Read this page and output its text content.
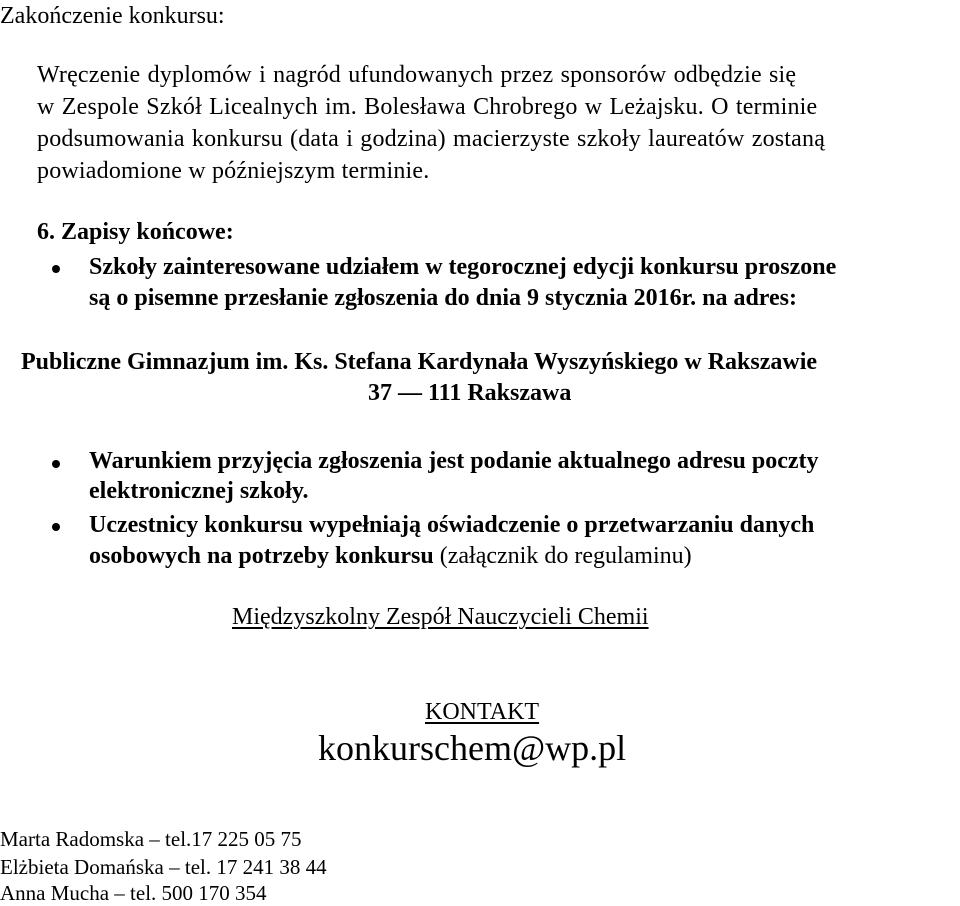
Zakończenie konkursu:
Wręczenie dyplomów i nagród ufundowanych przez sponsorów odbędzie się
w Zespole Szkół Licealnych im. Bolesława Chrobrego w Leżajsku. O terminie
podsumowania konkursu (data i godzina) macierzyste szkoły laureatów zostaną
powiadomione w późniejszym terminie.
6. Zapisy końcowe:
Szkoły zainteresowane udziałem w tegorocznej edycji konkursu proszone
są o pisemne przesłanie zgłoszenia do dnia 9 stycznia 2016r. na adres:
Publiczne Gimnazjum im. Ks. Stefana Kardynała Wyszyńskiego w Rakszawie
37 — 111 Rakszawa
Warunkiem przyjęcia zgłoszenia jest podanie aktualnego adresu poczty
elektronicznej szkoły.
Uczestnicy konkursu wypełniają oświadczenie o przetwarzaniu danych
osobowych na potrzeby konkursu (załącznik do regulaminu)
Międzyszkolny Zespół Nauczycieli Chemii
KONTAKT
konkurschem@wp.pl
Marta Radomska – tel.17 225 05 75
Elżbieta Domańska – tel. 17 241 38 44
Anna Mucha – tel. 500 170 354
